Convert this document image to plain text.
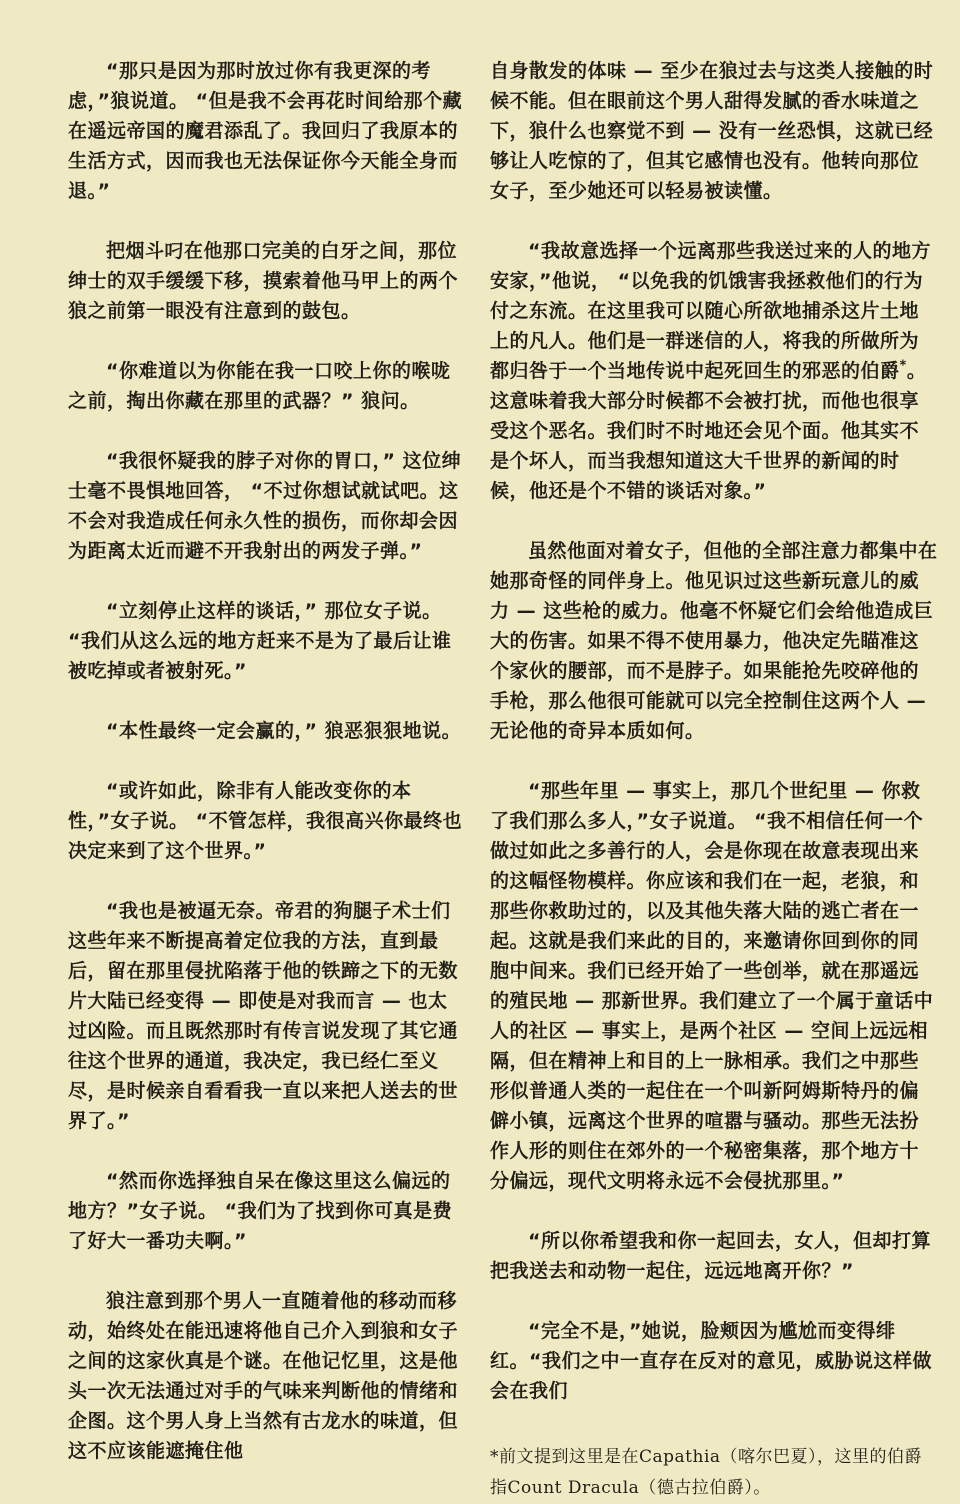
“那只是因为那时放过你有我更深的考虑，”狼说道。 “但是我不会再花时间给那个藏在遥远帝国的魔君添乱了。我回归了我原本的生活方式，因而我也无法保证你今天能全身而退。”

把烟斗叼在他那口完美的白牙之间，那位绅士的双手缓缓下移，摸索着他马甲上的两个狼之前第一眼没有注意到的鼓包。

“你难道以为你能在我一口咬上你的喉咙之前，掏出你藏在那里的武器？” 狼问。

“我很怀疑我的脖子对你的胃口，” 这位绅士毫不畏惧地回答， “不过你想试就试吧。这不会对我造成任何永久性的损伤，而你却会因为距离太近而避不开我射出的两发子弹。”

“立刻停止这样的谈话，” 那位女子说。 “我们从这么远的地方赶来不是为了最后让谁被吃掉或者被射死。”

“本性最终一定会赢的，” 狼恶狠狠地说。

“或许如此，除非有人能改变你的本性，”女子说。 “不管怎样，我很高兴你最终也决定来到了这个世界。”

“我也是被逼无奈。帝君的狗腿子术士们这些年来不断提高着定位我的方法，直到最后，留在那里侵扰陷落于他的铁蹄之下的无数片大陆已经变得 — 即使是对我而言 — 也太过凶险。而且既然那时有传言说发现了其它通往这个世界的通道，我决定，我已经仁至义尽，是时候亲自看看我一直以来把人送去的世界了。”

“然而你选择独自呆在像这里这么偏远的地方？”女子说。 “我们为了找到你可真是费了好大一番功夫啊。”

狼注意到那个男人一直随着他的移动而移动，始终处在能迅速将他自己介入到狼和女子之间的这家伙真是个谜。在他记忆里，这是他头一次无法通过对手的气味来判断他的情绪和企图。这个男人身上当然有古龙水的味道，但这不应该能遮掩住他

自身散发的体味 — 至少在狼过去与这类人接触的时候不能。但在眼前这个男人甜得发腻的香水味道之下，狼什么也察觉不到 — 没有一丝恐惧，这就已经够让人吃惊的了，但其它感情也没有。他转向那位女子，至少她还可以轻易被读懂。

“我故意选择一个远离那些我送过来的人的地方安家，”他说， “以免我的饥饿害我拯救他们的行为付之东流。在这里我可以随心所欲地捕杀这片土地上的凡人。他们是一群迷信的人，将我的所做所为都归咎于一个当地传说中起死回生的邪恶的伯爵*。这意味着我大部分时候都不会被打扰，而他也很享受这个恶名。我们时不时地还会见个面。他其实不是个坏人，而当我想知道这大千世界的新闻的时候，他还是个不错的谈话对象。”

虽然他面对着女子，但他的全部注意力都集中在她那奇怪的同伴身上。他见识过这些新玩意儿的威力 — 这些枪的威力。他毫不怀疑它们会给他造成巨大的伤害。如果不得不使用暴力，他决定先瞄准这个家伙的腰部，而不是脖子。如果能抢先咬碎他的手枪，那么他很可能就可以完全控制住这两个人 — 无论他的奇异本质如何。

“那些年里 — 事实上，那几个世纪里 — 你救了我们那么多人，”女子说道。 “我不相信任何一个做过如此之多善行的人，会是你现在故意表现出来的这幅怪物模样。你应该和我们在一起，老狼，和那些你救助过的，以及其他失落大陆的逃亡者在一起。这就是我们来此的目的，来邀请你回到你的同胞中间来。我们已经开始了一些创举，就在那遥远的殖民地 — 那新世界。我们建立了一个属于童话中人的社区 — 事实上，是两个社区 — 空间上远远相隔，但在精神上和目的上一脉相承。我们之中那些形似普通人类的一起住在一个叫新阿姆斯特丹的偏僻小镇，远离这个世界的喧嚣与骚动。那些无法扮作人形的则住在郊外的一个秘密集落，那个地方十分偏远，现代文明将永远不会侵扰那里。”

“所以你希望我和你一起回去，女人，但却打算把我送去和动物一起住，远远地离开你？”

“完全不是，”她说，脸颊因为尴尬而变得绯红。“我们之中一直存在反对的意见，威胁说这样做会在我们

*前文提到这里是在Capathia（喀尔巴夏），这里的伯爵指Count Dracula（德古拉伯爵）。
